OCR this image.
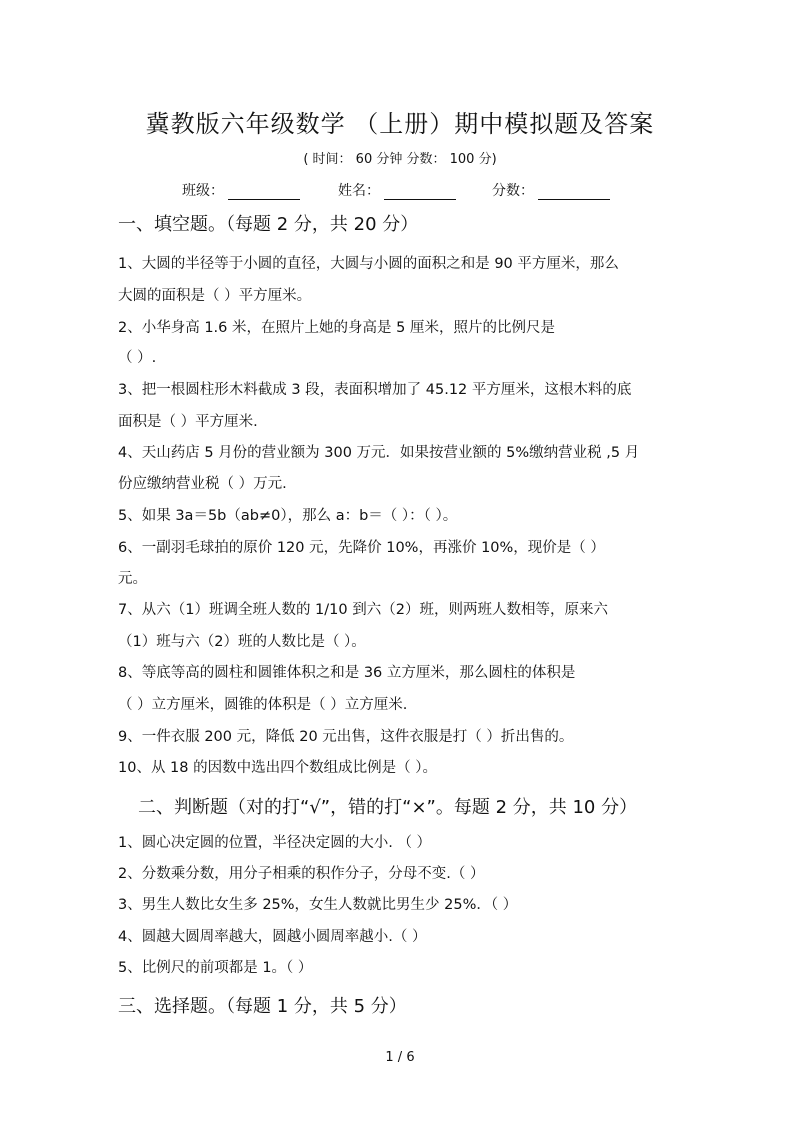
冀教版六年级数学 （上册）期中模拟题及答案
( 时间： 60 分钟 分数： 100 分)
班级：	姓名：	分数：
一、填空题。（每题 2 分，共 20 分）
1、大圆的半径等于小圆的直径，大圆与小圆的面积之和是 90 平方厘米，那么
大圆的面积是（ ）平方厘米。
2、小华身高 1.6 米，在照片上她的身高是 5 厘米，照片的比例尺是
（ ）.
3、把一根圆柱形木料截成 3 段，表面积增加了 45.12 平方厘米，这根木料的底
面积是（ ）平方厘米.
4、天山药店 5 月份的营业额为 300 万元．如果按营业额的 5%缴纳营业税 ,5 月
份应缴纳营业税（ ）万元.
5、如果 3a＝5b（ab≠0），那么 a：b＝（ ）：（ ）。
6、一副羽毛球拍的原价 120 元，先降价 10%，再涨价 10%，现价是（ ）
元。
7、从六（1）班调全班人数的 1/10 到六（2）班，则两班人数相等，原来六
（1）班与六（2）班的人数比是（ ）。
8、等底等高的圆柱和圆锥体积之和是 36 立方厘米，那么圆柱的体积是
（ ）立方厘米，圆锥的体积是（ ）立方厘米.
9、一件衣服 200 元，降低 20 元出售，这件衣服是打（ ）折出售的。
10、从 18 的因数中选出四个数组成比例是（ ）。
二、判断题（对的打“√”，错的打“×”。每题 2 分，共 10 分）
1、圆心决定圆的位置，半径决定圆的大小. （ ）
2、分数乘分数，用分子相乘的积作分子，分母不变.（ ）
3、男生人数比女生多 25%，女生人数就比男生少 25%．（ ）
4、圆越大圆周率越大，圆越小圆周率越小.（ ）
5、比例尺的前项都是 1。（ ）
三、选择题。（每题 1 分，共 5 分）
1 / 6
